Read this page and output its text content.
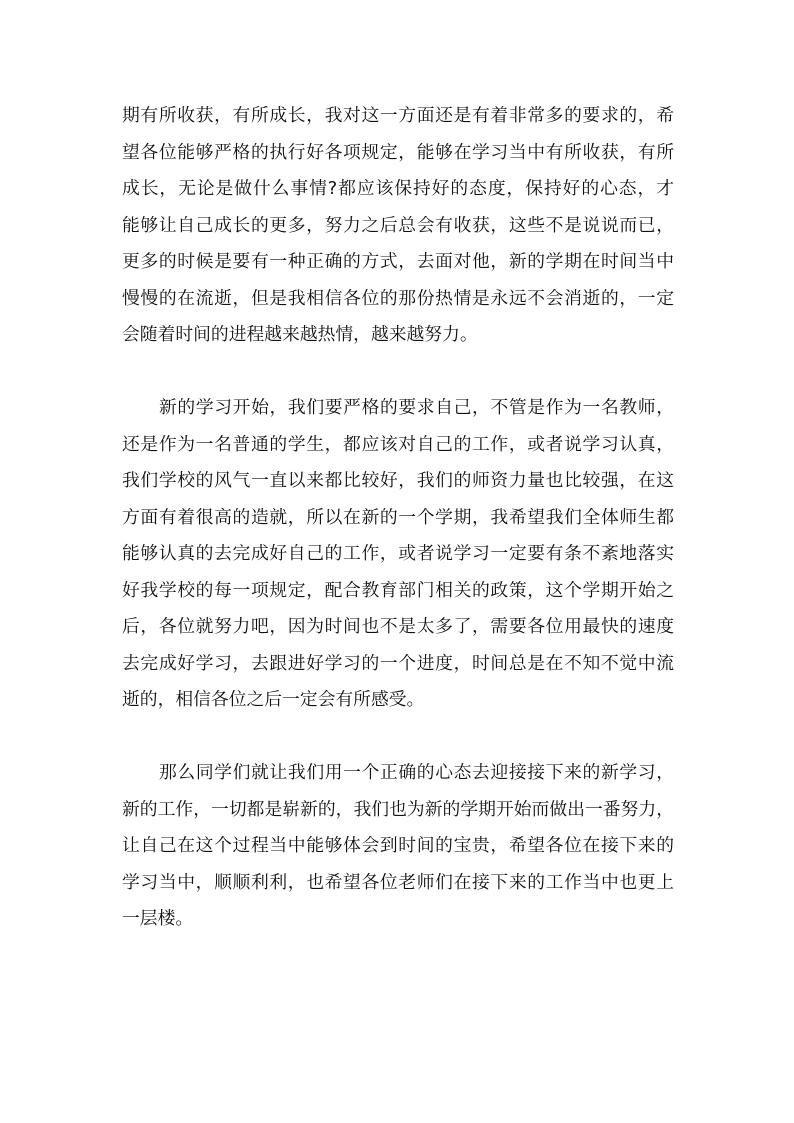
期有所收获，有所成长，我对这一方面还是有着非常多的要求的，希
望各位能够严格的执行好各项规定，能够在学习当中有所收获，有所
成长，无论是做什么事情?都应该保持好的态度，保持好的心态，才
能够让自己成长的更多，努力之后总会有收获，这些不是说说而已，
更多的时候是要有一种正确的方式，去面对他，新的学期在时间当中
慢慢的在流逝，但是我相信各位的那份热情是永远不会消逝的，一定
会随着时间的进程越来越热情，越来越努力。
新的学习开始，我们要严格的要求自己，不管是作为一名教师，
还是作为一名普通的学生，都应该对自己的工作，或者说学习认真，
我们学校的风气一直以来都比较好，我们的师资力量也比较强，在这
方面有着很高的造就，所以在新的一个学期，我希望我们全体师生都
能够认真的去完成好自己的工作，或者说学习一定要有条不紊地落实
好我学校的每一项规定，配合教育部门相关的政策，这个学期开始之
后，各位就努力吧，因为时间也不是太多了，需要各位用最快的速度
去完成好学习，去跟进好学习的一个进度，时间总是在不知不觉中流
逝的，相信各位之后一定会有所感受。
那么同学们就让我们用一个正确的心态去迎接接下来的新学习，
新的工作，一切都是崭新的，我们也为新的学期开始而做出一番努力，
让自己在这个过程当中能够体会到时间的宝贵，希望各位在接下来的
学习当中，顺顺利利，也希望各位老师们在接下来的工作当中也更上
一层楼。
